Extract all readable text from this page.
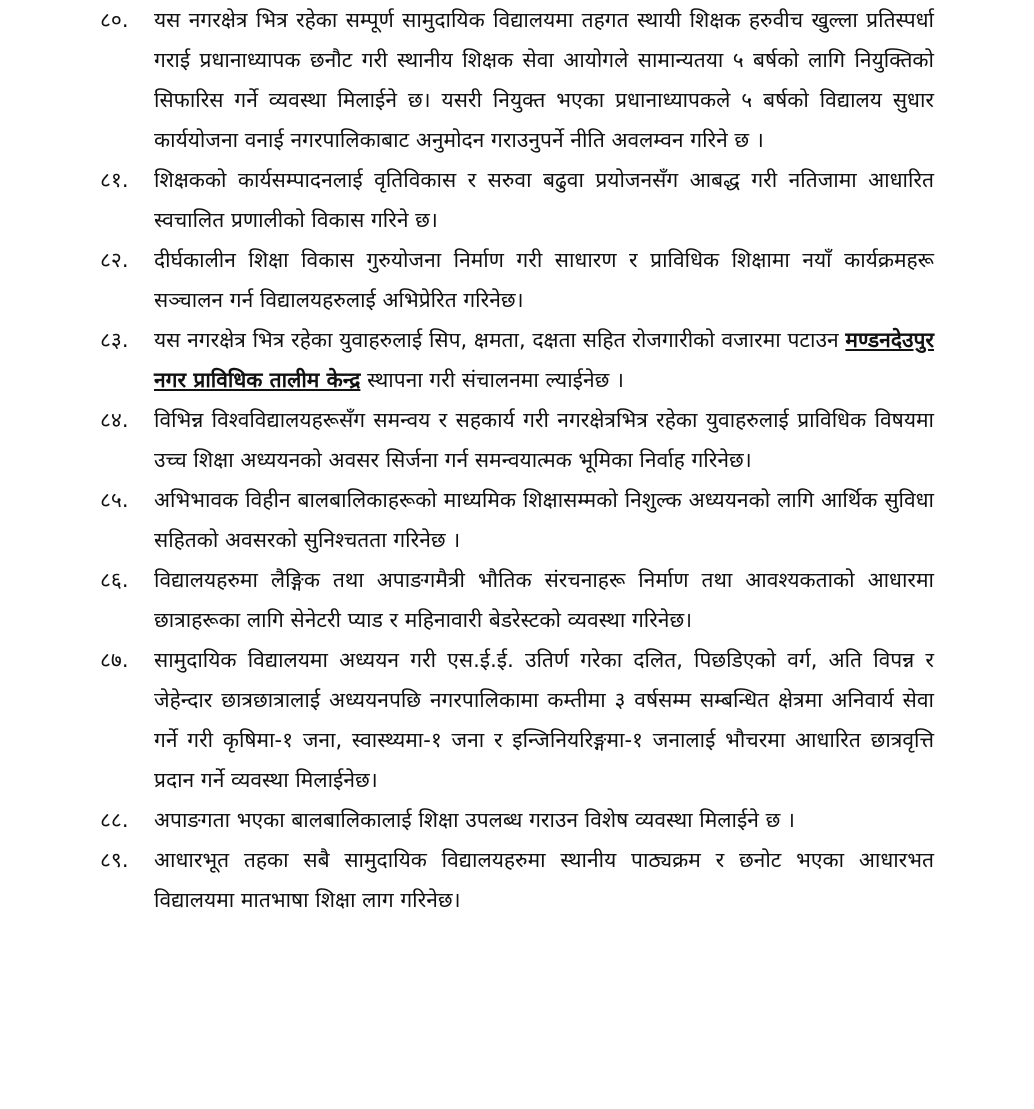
८०.	यस नगरक्षेत्र भित्र रहेका सम्पूर्ण सामुदायिक विद्यालयमा तहगत स्थायी शिक्षक हरुवीच खुल्ला प्रतिस्पर्धा गराई प्रधानाध्यापक छनौट गरी स्थानीय शिक्षक सेवा आयोगले सामान्यतया ५ बर्षको लागि नियुक्तिको सिफारिस गर्ने व्यवस्था मिलाईने छ। यसरी नियुक्त भएका प्रधानाध्यापकले ५ बर्षको विद्यालय सुधार कार्ययोजना वनाई नगरपालिकाबाट अनुमोदन गराउनुपर्ने नीति अवलम्वन गरिने छ ।
८१.	शिक्षकको कार्यसम्पादनलाई वृतिविकास र सरुवा बढुवा प्रयोजनसँग आबद्ध गरी नतिजामा आधारित स्वचालित प्रणालीको विकास गरिने छ।
८२.	दीर्घकालीन शिक्षा विकास गुरुयोजना निर्माण गरी साधारण र प्राविधिक शिक्षामा नयाँ कार्यक्रमहरू सञ्चालन गर्न विद्यालयहरुलाई अभिप्रेरित गरिनेछ।
८३.	यस नगरक्षेत्र भित्र रहेका युवाहरुलाई सिप, क्षमता, दक्षता सहित रोजगारीको वजारमा पटाउन मण्डनदेउपुर नगर प्राविधिक तालीम केन्द्र स्थापना गरी संचालनमा ल्याईनेछ ।
८४.	विभिन्न विश्वविद्यालयहरूसँग समन्वय र सहकार्य गरी नगरक्षेत्रभित्र रहेका युवाहरुलाई प्राविधिक विषयमा उच्च शिक्षा अध्ययनको अवसर सिर्जना गर्न समन्वयात्मक भूमिका निर्वाह गरिनेछ।
८५.	अभिभावक विहीन बालबालिकाहरूको माध्यमिक शिक्षासम्मको निशुल्क अध्ययनको लागि आर्थिक सुविधा सहितको अवसरको सुनिश्चतता गरिनेछ ।
८६.	विद्यालयहरुमा लैङ्गिक तथा अपाङगमैत्री भौतिक संरचनाहरू निर्माण तथा आवश्यकताको आधारमा छात्राहरूका लागि सेनेटरी प्याड र महिनावारी बेडरेस्टको व्यवस्था गरिनेछ।
८७.	सामुदायिक विद्यालयमा अध्ययन गरी एस.ई.ई. उतिर्ण गरेका दलित, पिछडिएको वर्ग, अति विपन्न र जेहेन्दार छात्रछात्रालाई अध्ययनपछि नगरपालिकामा कम्तीमा ३ वर्षसम्म सम्बन्धित क्षेत्रमा अनिवार्य सेवा गर्ने गरी कृषिमा-१ जना, स्वास्थ्यमा-१ जना र इन्जिनियरिङ्गमा-१ जनालाई भौचरमा आधारित छात्रवृत्ति प्रदान गर्ने व्यवस्था मिलाईनेछ।
८८.	अपाङगता भएका बालबालिकालाई शिक्षा उपलब्ध गराउन विशेष व्यवस्था मिलाईने छ ।
८९.	आधारभूत तहका सबै सामुदायिक विद्यालयहरुमा स्थानीय पाठ्यक्रम र छनोट भएका आधारभत विद्यालयमा मातभाषा शिक्षा लाग गरिनेछ।
